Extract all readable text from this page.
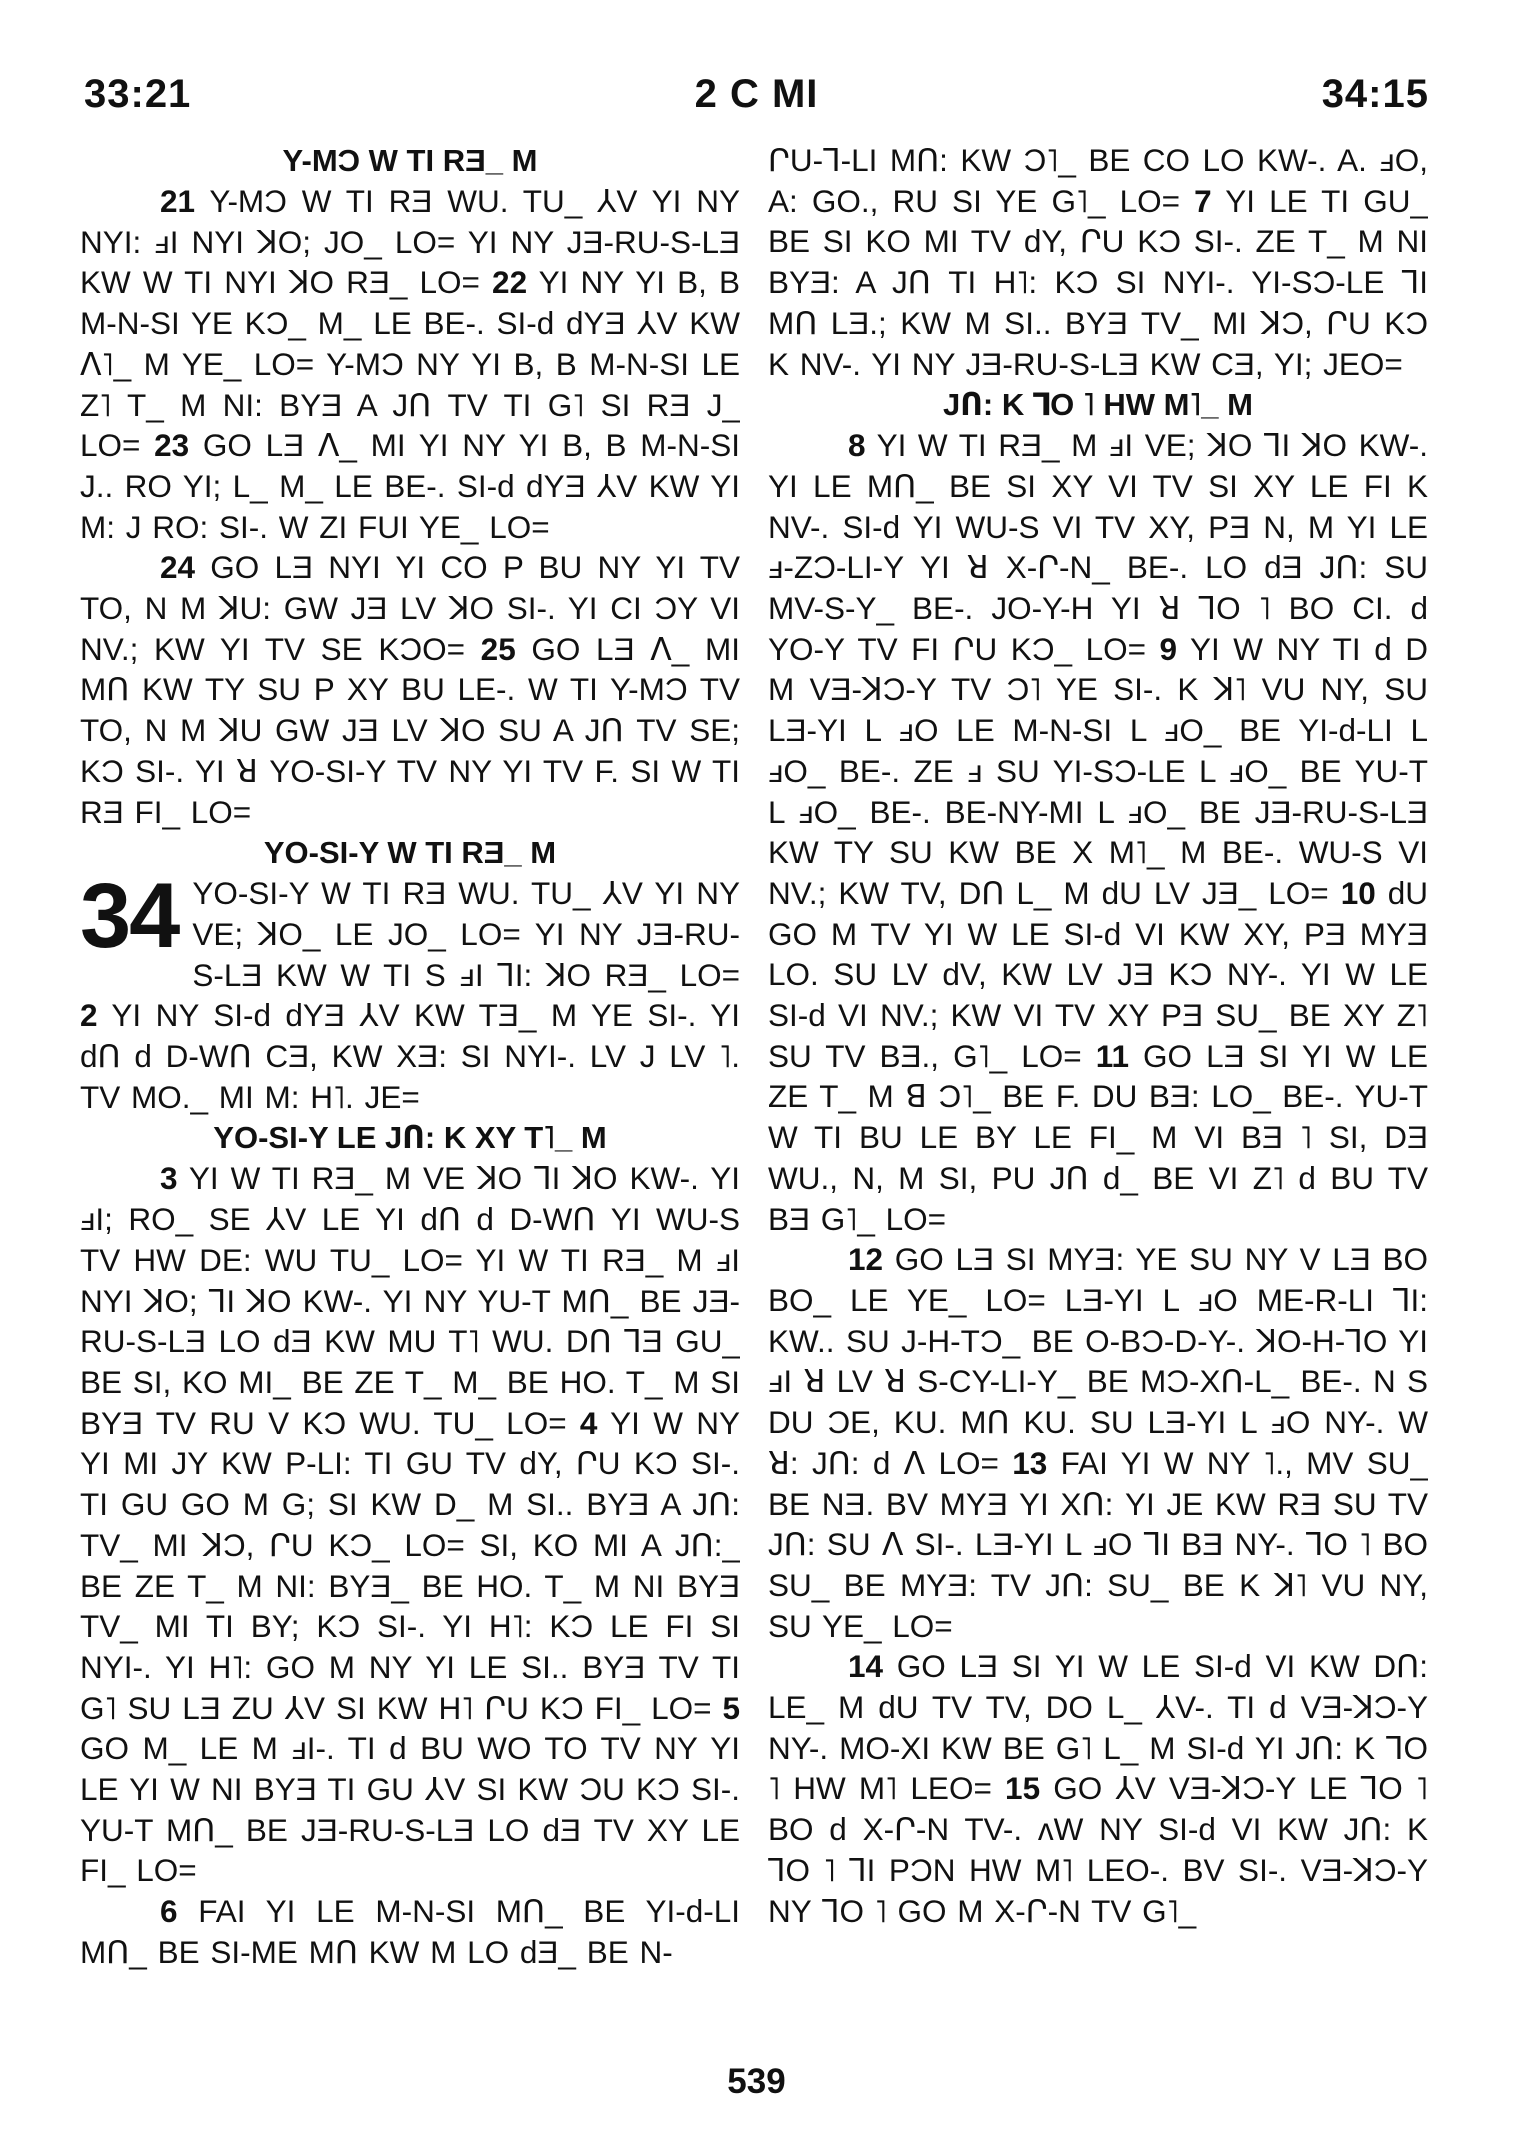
33:21	2 C MI	34:15
Y-MƆ W TI RƎ_ M

21 Y-MƆ W TI RƎ WU. TU_ ⅄V YI NY NYI: ⅎI NYI ꓘO; JO_ LO= YI NY JƎ-RU-S-LƎ KW W TI NYI ꓘO RƎ_ LO= 22 YI NY YI B, B M-N-SI YE KƆ_ M_ LE BE-. SI-d dYƎ ⅄V KW ꓥ˥_ M YE_ LO= Y-MƆ NY YI B, B M-N-SI LE Z˥ T_ M NI: BYƎ A JՈ TV TI G˥ SI RƎ J_ LO= 23 GO LƎ ꓥ_ MI YI NY YI B, B M-N-SI J.. RO YI; L_ M_ LE BE-. SI-d dYƎ ⅄V KW YI M: J RO: SI-. W ZI FUI YE_ LO=

24 GO LƎ NYI YI CO P BU NY YI TV TO, N M ꓘU: GW JƎ LV ꓘO SI-. YI CI ƆY VI NV.; KW YI TV SE KƆO= 25 GO LƎ ꓥ_ MI MՈ KW TY SU P XY BU LE-. W TI Y-MƆ TV TO, N M ꓘU GW JƎ LV ꓘO SU A JՈ TV SE; KƆ SI-. YI ꓤ YO-SI-Y TV NY YI TV F. SI W TI RƎ FI_ LO=

YO-SI-Y W TI RƎ_ M
34 YO-SI-Y W TI RƎ WU. TU_ ⅄V YI NY VE; ꓘO_ LE JO_ LO= YI NY JƎ-RU-S-LƎ KW W TI S ⅎI ⅂I: ꓘO RƎ_ LO= 2 YI NY SI-d dYƎ ⅄V KW TƎ_ M YE SI-. YI dՈ d D-WՈ CƎ, KW XƎ: SI NYI-. LV J LV ˥. TV MO._ MI M: H˥. JE=

YO-SI-Y LE JՈ: K XY T˥_ M

3 YI W TI RƎ_ M VE ꓘO ⅂I ꓘO KW-. YI ⅎI; RO_ SE ⅄V LE YI dՈ d D-WՈ YI WU-S TV HW DE: WU TU_ LO= YI W TI RƎ_ M ⅎI NYI ꓘO; ⅂I ꓘO KW-. YI NY YU-T MՈ_ BE JƎ-RU-S-LƎ LO dƎ KW MU T˥ WU. DՈ ⅂Ǝ GU_ BE SI, KO MI_ BE ZE T_ M_ BE HO. T_ M SI BYƎ TV RU V KƆ WU. TU_ LO= 4 YI W NY YI MI JY KW P-LI: TI GU TV dY, ՐU KƆ SI-. TI GU GO M G; SI KW D_ M SI.. BYƎ A JՈ: TV_ MI ꓘƆ, ՐU KƆ_ LO= SI, KO MI A JՈ:_ BE ZE T_ M NI: BYƎ_ BE HO. T_ M NI BYƎ TV_ MI TI BY; KƆ SI-. YI H˥: KƆ LE FI SI NYI-. YI H˥: GO M NY YI LE SI.. BYƎ TV TI G˥ SU LƎ ZU ⅄V SI KW H˥ ՐU KƆ FI_ LO= 5 GO M_ LE M ⅎI-. TI d BU WO TO TV NY YI LE YI W NI BYƎ TI GU ⅄V SI KW ƆU KƆ SI-. YU-T MՈ_ BE JƎ-RU-S-LƎ LO dƎ TV XY LE FI_ LO=

6 FAI YI LE M-N-SI MՈ_ BE YI-d-LI MՈ_ BE SI-ME MՈ KW M LO dƎ_ BE N-

ՐU-⅂-LI MՈ: KW Ɔ˥_ BE CO LO KW-. A. ⅎO, A: GO., RU SI YE G˥_ LO= 7 YI LE TI GU_ BE SI KO MI TV dY, ՐU KƆ SI-. ZE T_ M NI BYƎ: A JՈ TI H˥: KƆ SI NYI-. YI-SƆ-LE ⅂I MՈ LƎ.; KW M SI.. BYƎ TV_ MI ꓘƆ, ՐU KƆ K NV-. YI NY JƎ-RU-S-LƎ KW CƎ, YI; JEO=

JՈ: K ⅂O ˥ HW M˥_ M

8 YI W TI RƎ_ M ⅎI VE; ꓘO ⅂I ꓘO KW-. YI LE MՈ_ BE SI XY VI TV SI XY LE FI K NV-. SI-d YI WU-S VI TV XY, PƎ N, M YI LE ⅎ-ZƆ-LI-Y YI ꓤ X-Ր-N_ BE-. LO dƎ JՈ: SU MV-S-Y_ BE-. JO-Y-H YI ꓤ ⅂O ˥ BO CI. d YO-Y TV FI ՐU KƆ_ LO= 9 YI W NY TI d D M VƎ-ꓘƆ-Y TV Ɔ˥ YE SI-. K ꓘ˥ VU NY, SU LƎ-YI L ⅎO LE M-N-SI L ⅎO_ BE YI-d-LI L ⅎO_ BE-. ZE ⅎ SU YI-SƆ-LE L ⅎO_ BE YU-T L ⅎO_ BE-. BE-NY-MI L ⅎO_ BE JƎ-RU-S-LƎ KW TY SU KW BE X M˥_ M BE-. WU-S VI NV.; KW TV, DՈ L_ M dU LV JƎ_ LO= 10 dU GO M TV YI W LE SI-d VI KW XY, PƎ MYƎ LO. SU LV dV, KW LV JƎ KƆ NY-. YI W LE SI-d VI NV.; KW VI TV XY PƎ SU_ BE XY Z˥ SU TV BƎ., G˥_ LO= 11 GO LƎ SI YI W LE ZE T_ M ꓭ Ɔ˥_ BE F. DU BƎ: LO_ BE-. YU-T W TI BU LE BY LE FI_ M VI BƎ ˥ SI, DƎ WU., N, M SI, PU JՈ d_ BE VI Z˥ d BU TV BƎ G˥_ LO=

12 GO LƎ SI MYƎ: YE SU NY V LƎ BO BO_ LE YE_ LO= LƎ-YI L ⅎO ME-R-LI ⅂I: KW.. SU J-H-TƆ_ BE O-BƆ-D-Y-. ꓘO-H-⅂O YI ⅎI ꓤ LV ꓤ S-CY-LI-Y_ BE MƆ-XՈ-L_ BE-. N S DU ƆE, KU. MՈ KU. SU LƎ-YI L ⅎO NY-. W ꓤ: JՈ: d ꓥ LO= 13 FAI YI W NY ˥., MV SU_ BE NƎ. BV MYƎ YI XՈ: YI JE KW RƎ SU TV JՈ: SU ꓥ SI-. LƎ-YI L ⅎO ⅂I BƎ NY-. ⅂O ˥ BO SU_ BE MYƎ: TV JՈ: SU_ BE K ꓘ˥ VU NY, SU YE_ LO=

14 GO LƎ SI YI W LE SI-d VI KW DՈ: LE_ M dU TV TV, DO L_ ⅄V-. TI d VƎ-ꓘƆ-Y NY-. MO-XI KW BE G˥ L_ M SI-d YI JՈ: K ⅂O ˥ HW M˥ LEO= 15 GO ⅄V VƎ-ꓘƆ-Y LE ⅂O ˥ BO d X-Ր-N TV-. ʌW NY SI-d VI KW JՈ: K ⅂O ˥ ⅂I PƆN HW M˥ LEO-. BV SI-. VƎ-ꓘƆ-Y NY ⅂O ˥ GO M X-Ր-N TV G˥_

539
